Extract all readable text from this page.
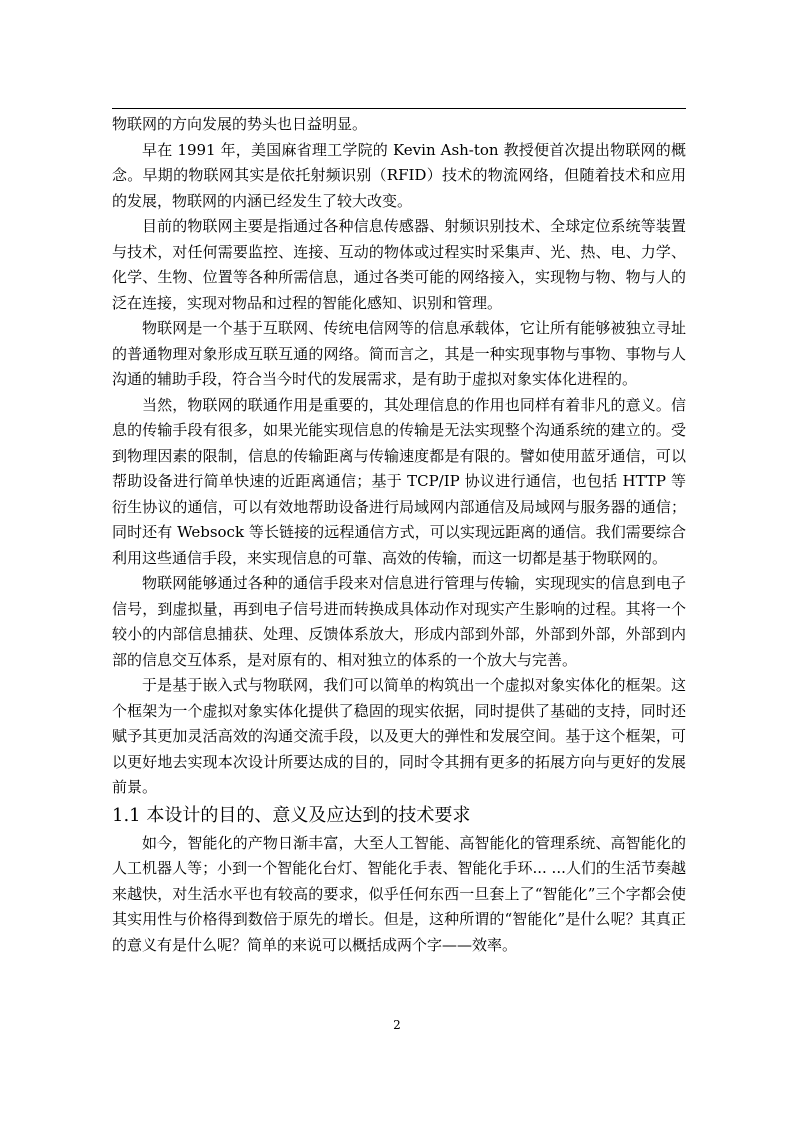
物联网的方向发展的势头也日益明显。

早在 1991 年，美国麻省理工学院的 Kevin Ash-ton 教授便首次提出物联网的概念。早期的物联网其实是依托射频识别（RFID）技术的物流网络，但随着技术和应用的发展，物联网的内涵已经发生了较大改变。

目前的物联网主要是指通过各种信息传感器、射频识别技术、全球定位系统等装置与技术，对任何需要监控、连接、互动的物体或过程实时采集声、光、热、电、力学、化学、生物、位置等各种所需信息，通过各类可能的网络接入，实现物与物、物与人的泛在连接，实现对物品和过程的智能化感知、识别和管理。

物联网是一个基于互联网、传统电信网等的信息承载体，它让所有能够被独立寻址的普通物理对象形成互联互通的网络。简而言之，其是一种实现事物与事物、事物与人沟通的辅助手段，符合当今时代的发展需求，是有助于虚拟对象实体化进程的。

当然，物联网的联通作用是重要的，其处理信息的作用也同样有着非凡的意义。信息的传输手段有很多，如果光能实现信息的传输是无法实现整个沟通系统的建立的。受到物理因素的限制，信息的传输距离与传输速度都是有限的。譬如使用蓝牙通信，可以帮助设备进行简单快速的近距离通信；基于 TCP/IP 协议进行通信，也包括 HTTP 等衍生协议的通信，可以有效地帮助设备进行局域网内部通信及局域网与服务器的通信；同时还有 Websock 等长链接的远程通信方式，可以实现远距离的通信。我们需要综合利用这些通信手段，来实现信息的可靠、高效的传输，而这一切都是基于物联网的。

物联网能够通过各种的通信手段来对信息进行管理与传输，实现现实的信息到电子信号，到虚拟量，再到电子信号进而转换成具体动作对现实产生影响的过程。其将一个较小的内部信息捕获、处理、反馈体系放大，形成内部到外部，外部到外部，外部到内部的信息交互体系，是对原有的、相对独立的体系的一个放大与完善。

于是基于嵌入式与物联网，我们可以简单的构筑出一个虚拟对象实体化的框架。这个框架为一个虚拟对象实体化提供了稳固的现实依据，同时提供了基础的支持，同时还赋予其更加灵活高效的沟通交流手段，以及更大的弹性和发展空间。基于这个框架，可以更好地去实现本次设计所要达成的目的，同时令其拥有更多的拓展方向与更好的发展前景。

1.1 本设计的目的、意义及应达到的技术要求

如今，智能化的产物日渐丰富，大至人工智能、高智能化的管理系统、高智能化的人工机器人等；小到一个智能化台灯、智能化手表、智能化手环... ...人们的生活节奏越来越快，对生活水平也有较高的要求，似乎任何东西一旦套上了“智能化”三个字都会使其实用性与价格得到数倍于原先的增长。但是，这种所谓的“智能化”是什么呢？其真正的意义有是什么呢？简单的来说可以概括成两个字——效率。

2
